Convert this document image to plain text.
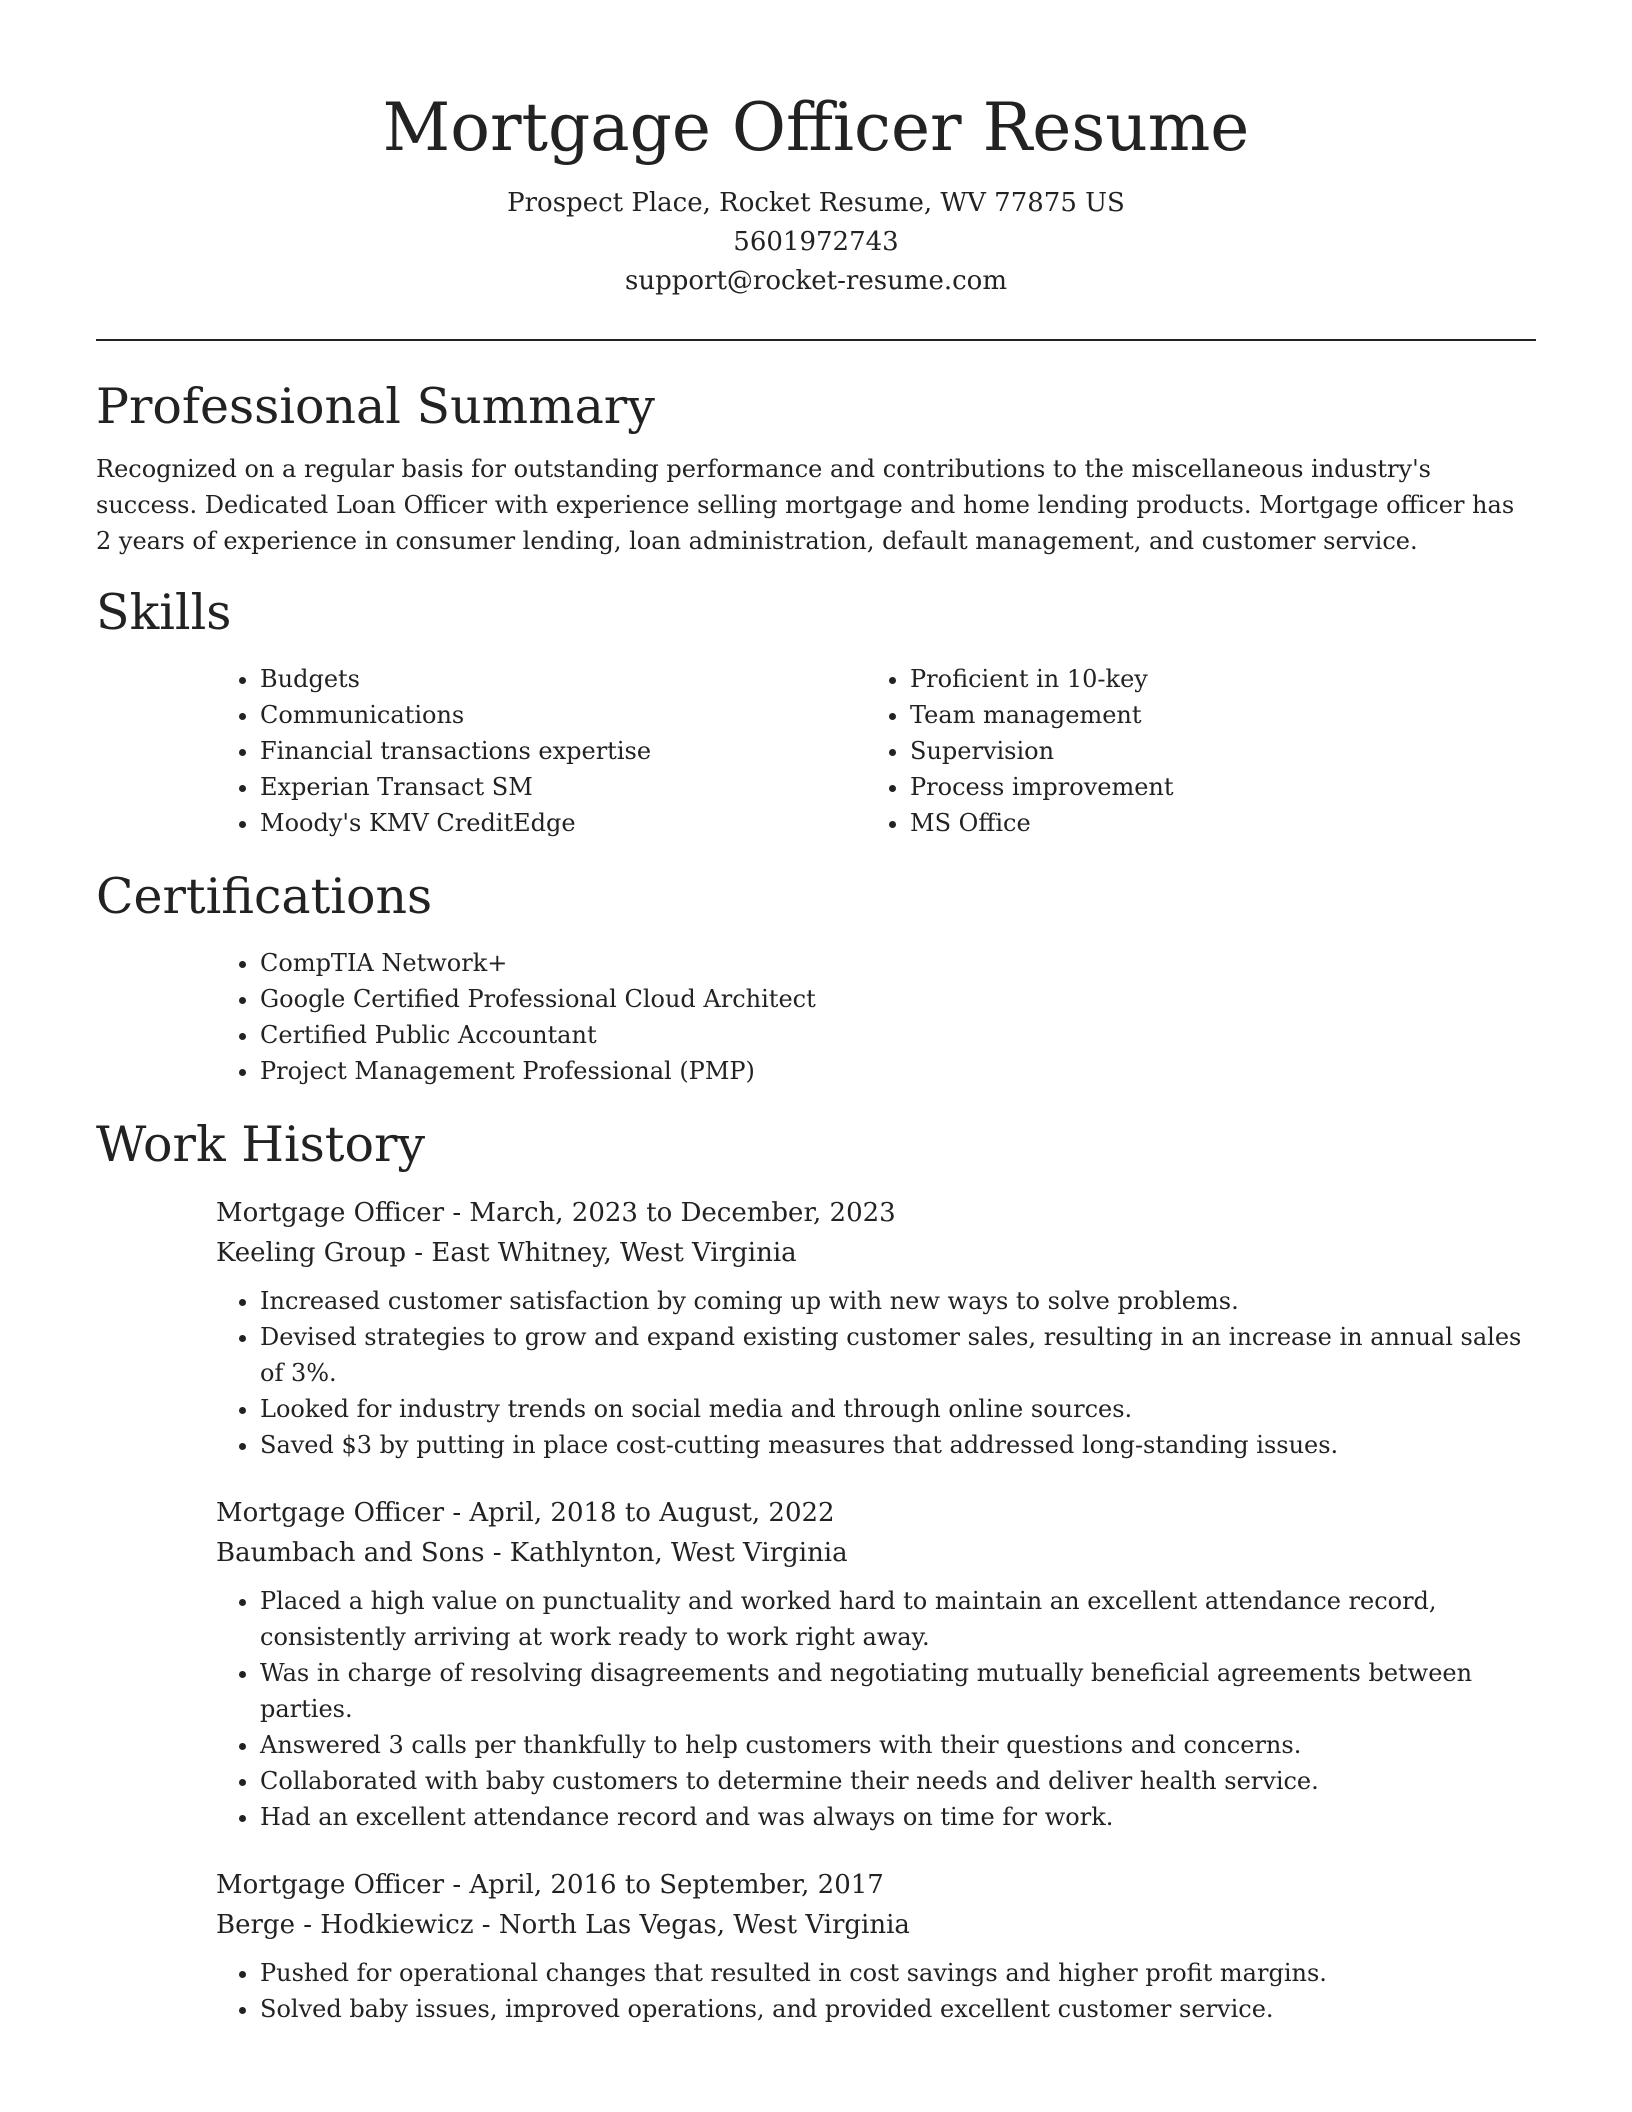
Mortgage Officer Resume

Prospect Place, Rocket Resume, WV 77875 US

5601972743

support@rocket-resume.com

Professional Summary

Recognized on a regular basis for outstanding performance and contributions to the miscellaneous industry's success. Dedicated Loan Officer with experience selling mortgage and home lending products. Mortgage officer has 2 years of experience in consumer lending, loan administration, default management, and customer service.

Skills
• Budgets
• Communications
• Financial transactions expertise
• Experian Transact SM
• Moody's KMV CreditEdge
• Proficient in 10-key
• Team management
• Supervision
• Process improvement
• MS Office
Certifications
• CompTIA Network+
• Google Certified Professional Cloud Architect
• Certified Public Accountant
• Project Management Professional (PMP)
Work History

Mortgage Officer - March, 2023 to December, 2023

Keeling Group - East Whitney, West Virginia

• Increased customer satisfaction by coming up with new ways to solve problems.
• Devised strategies to grow and expand existing customer sales, resulting in an increase in annual sales of 3%.
• Looked for industry trends on social media and through online sources.
• Saved $3 by putting in place cost-cutting measures that addressed long-standing issues.

Mortgage Officer - April, 2018 to August, 2022

Baumbach and Sons - Kathlynton, West Virginia

• Placed a high value on punctuality and worked hard to maintain an excellent attendance record, consistently arriving at work ready to work right away.
• Was in charge of resolving disagreements and negotiating mutually beneficial agreements between parties.
• Answered 3 calls per thankfully to help customers with their questions and concerns.
• Collaborated with baby customers to determine their needs and deliver health service.
• Had an excellent attendance record and was always on time for work.

Mortgage Officer - April, 2016 to September, 2017

Berge - Hodkiewicz - North Las Vegas, West Virginia

• Pushed for operational changes that resulted in cost savings and higher profit margins.
• Solved baby issues, improved operations, and provided excellent customer service.
